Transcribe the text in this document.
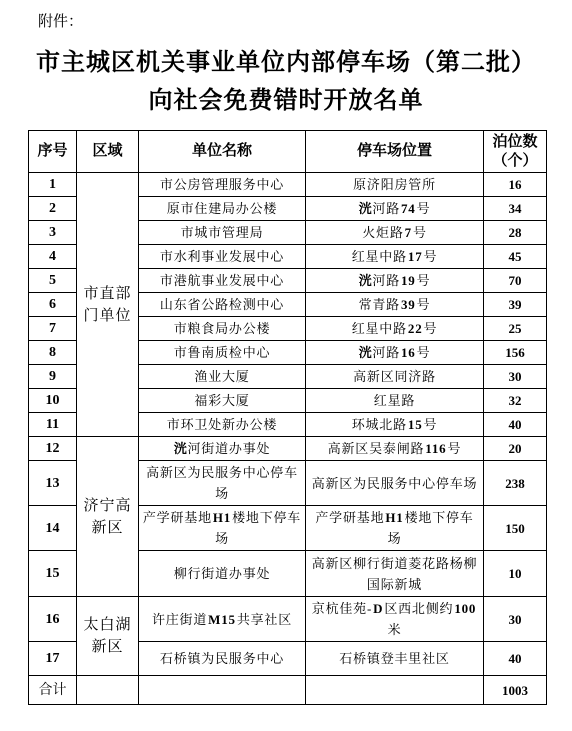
附件：
市主城区机关事业单位内部停车场（第二批）
向社会免费错时开放名单
序号	区域	单位名称	停车场位置	泊位数（个）
1	市直部门单位	市公房管理服务中心	原济阳房管所	16
2		原市住建局办公楼	洸河路74号	34
3		市城市管理局	火炬路7号	28
4		市水利事业发展中心	红星中路17号	45
5		市港航事业发展中心	洸河路19号	70
6		山东省公路检测中心	常青路39号	39
7		市粮食局办公楼	红星中路22号	25
8		市鲁南质检中心	洸河路16号	156
9		渔业大厦	高新区同济路	30
10		福彩大厦	红星路	32
11		市环卫处新办公楼	环城北路15号	40
12	济宁高新区	洸河街道办事处	高新区吴泰闸路116号	20
13		高新区为民服务中心停车场	高新区为民服务中心停车场	238
14		产学研基地H1楼地下停车场	产学研基地H1楼地下停车场	150
15		柳行街道办事处	高新区柳行街道菱花路杨柳国际新城	10
16	太白湖新区	许庄街道M15共享社区	京杭佳苑-D区西北侧约100米	30
17		石桥镇为民服务中心	石桥镇登丰里社区	40
合计				1003
